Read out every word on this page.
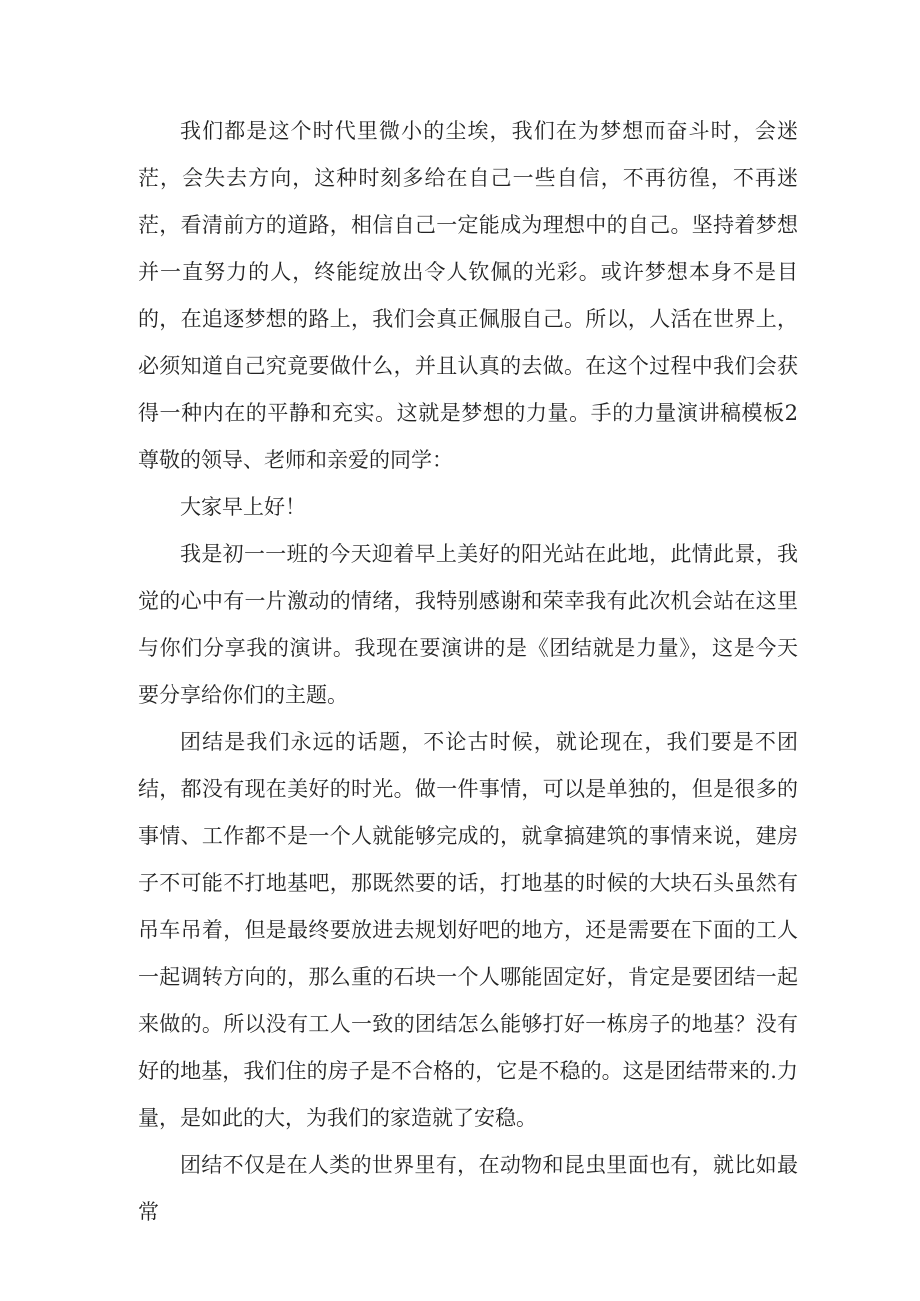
我们都是这个时代里微小的尘埃，我们在为梦想而奋斗时，会迷茫，会失去方向，这种时刻多给在自己一些自信，不再彷徨，不再迷茫，看清前方的道路，相信自己一定能成为理想中的自己。坚持着梦想并一直努力的人，终能绽放出令人钦佩的光彩。或许梦想本身不是目的，在追逐梦想的路上，我们会真正佩服自己。所以，人活在世界上，必须知道自己究竟要做什么，并且认真的去做。在这个过程中我们会获得一种内在的平静和充实。这就是梦想的力量。手的力量演讲稿模板2尊敬的领导、老师和亲爱的同学：

大家早上好！

我是初一一班的今天迎着早上美好的阳光站在此地，此情此景，我觉的心中有一片激动的情绪，我特别感谢和荣幸我有此次机会站在这里与你们分享我的演讲。我现在要演讲的是《团结就是力量》，这是今天要分享给你们的主题。

团结是我们永远的话题，不论古时候，就论现在，我们要是不团结，都没有现在美好的时光。做一件事情，可以是单独的，但是很多的事情、工作都不是一个人就能够完成的，就拿搞建筑的事情来说，建房子不可能不打地基吧，那既然要的话，打地基的时候的大块石头虽然有吊车吊着，但是最终要放进去规划好吧的地方，还是需要在下面的工人一起调转方向的，那么重的石块一个人哪能固定好，肯定是要团结一起来做的。所以没有工人一致的团结怎么能够打好一栋房子的地基？没有好的地基，我们住的房子是不合格的，它是不稳的。这是团结带来的.力量，是如此的大，为我们的家造就了安稳。

团结不仅是在人类的世界里有，在动物和昆虫里面也有，就比如最常
